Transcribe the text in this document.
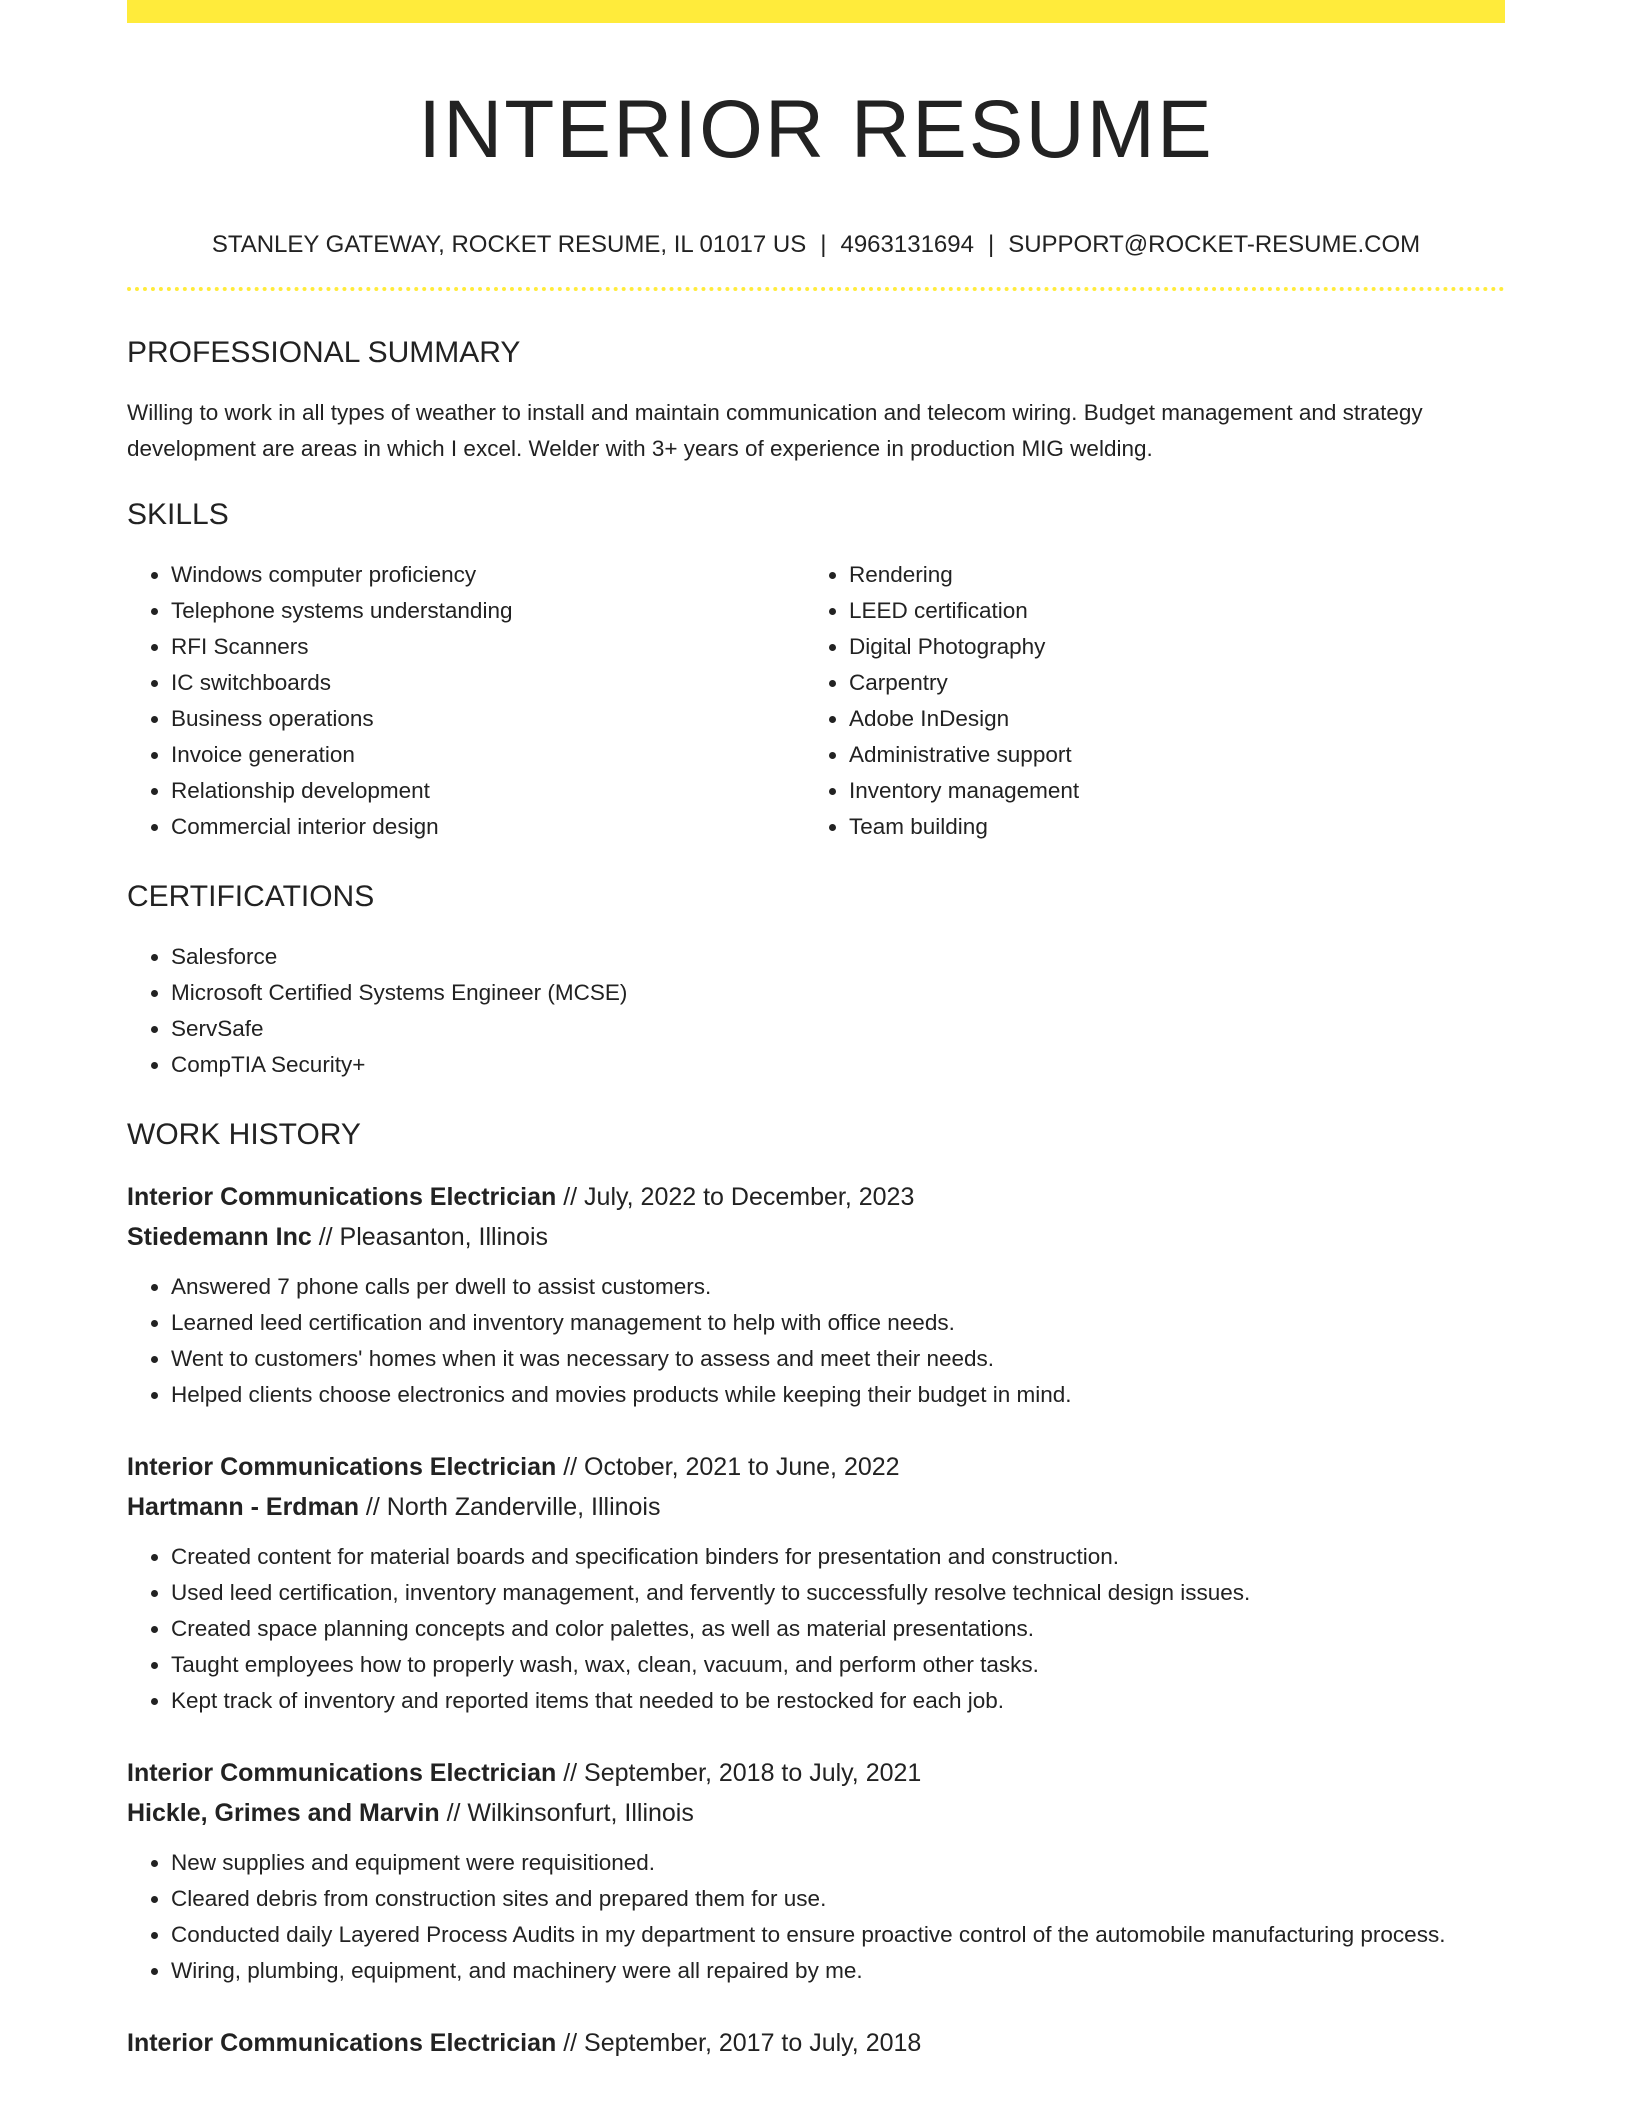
INTERIOR RESUME
STANLEY GATEWAY, ROCKET RESUME, IL 01017 US | 4963131694 | SUPPORT@ROCKET-RESUME.COM
PROFESSIONAL SUMMARY
Willing to work in all types of weather to install and maintain communication and telecom wiring. Budget management and strategy development are areas in which I excel. Welder with 3+ years of experience in production MIG welding.
SKILLS
• Windows computer proficiency
• Telephone systems understanding
• RFI Scanners
• IC switchboards
• Business operations
• Invoice generation
• Relationship development
• Commercial interior design
• Rendering
• LEED certification
• Digital Photography
• Carpentry
• Adobe InDesign
• Administrative support
• Inventory management
• Team building
CERTIFICATIONS
• Salesforce
• Microsoft Certified Systems Engineer (MCSE)
• ServSafe
• CompTIA Security+
WORK HISTORY
Interior Communications Electrician // July, 2022 to December, 2023
Stiedemann Inc // Pleasanton, Illinois
• Answered 7 phone calls per dwell to assist customers.
• Learned leed certification and inventory management to help with office needs.
• Went to customers' homes when it was necessary to assess and meet their needs.
• Helped clients choose electronics and movies products while keeping their budget in mind.
Interior Communications Electrician // October, 2021 to June, 2022
Hartmann - Erdman // North Zanderville, Illinois
• Created content for material boards and specification binders for presentation and construction.
• Used leed certification, inventory management, and fervently to successfully resolve technical design issues.
• Created space planning concepts and color palettes, as well as material presentations.
• Taught employees how to properly wash, wax, clean, vacuum, and perform other tasks.
• Kept track of inventory and reported items that needed to be restocked for each job.
Interior Communications Electrician // September, 2018 to July, 2021
Hickle, Grimes and Marvin // Wilkinsonfurt, Illinois
• New supplies and equipment were requisitioned.
• Cleared debris from construction sites and prepared them for use.
• Conducted daily Layered Process Audits in my department to ensure proactive control of the automobile manufacturing process.
• Wiring, plumbing, equipment, and machinery were all repaired by me.
Interior Communications Electrician // September, 2017 to July, 2018
